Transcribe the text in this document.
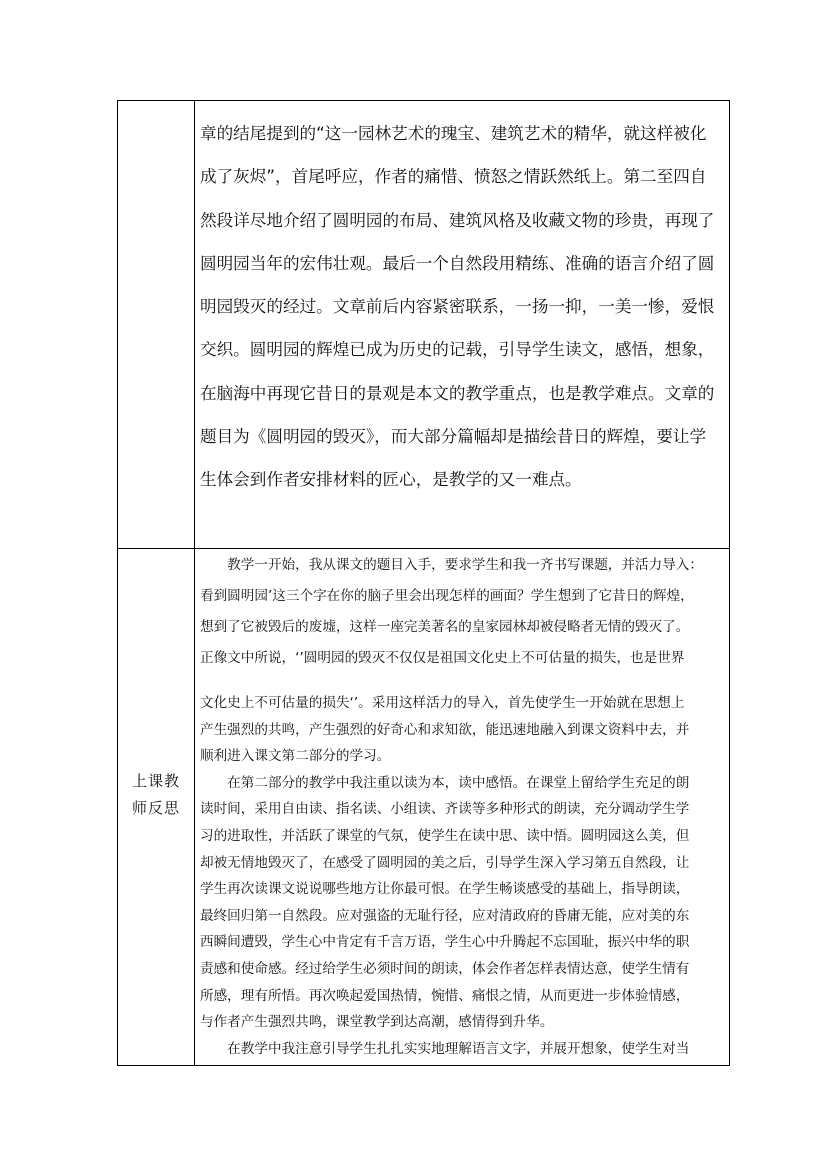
上课教
师反思

章的结尾提到的“这一园林艺术的瑰宝、建筑艺术的精华，就这样被化

成了灰烬”，首尾呼应，作者的痛惜、愤怒之情跃然纸上。第二至四自

然段详尽地介绍了圆明园的布局、建筑风格及收藏文物的珍贵，再现了

圆明园当年的宏伟壮观。最后一个自然段用精练、准确的语言介绍了圆

明园毁灭的经过。文章前后内容紧密联系，一扬一抑，一美一惨，爱恨

交织。圆明园的辉煌已成为历史的记载，引导学生读文，感悟，想象，

在脑海中再现它昔日的景观是本文的教学重点，也是教学难点。文章的

题目为《圆明园的毁灭》，而大部分篇幅却是描绘昔日的辉煌，要让学

生体会到作者安排材料的匠心，是教学的又一难点。

　　教学一开始，我从课文的题目入手，要求学生和我一齐书写课题，并活力导入：

看到圆明园’这三个字在你的脑子里会出现怎样的画面？学生想到了它昔日的辉煌，

想到了它被毁后的废墟，这样一座完美著名的皇家园林却被侵略者无情的毁灭了。

正像文中所说，‘’圆明园的毁灭不仅仅是祖国文化史上不可估量的损失，也是世界

文化史上不可估量的损失‘’。采用这样活力的导入，首先使学生一开始就在思想上

产生强烈的共鸣，产生强烈的好奇心和求知欲，能迅速地融入到课文资料中去，并

顺利进入课文第二部分的学习。

　　在第二部分的教学中我注重以读为本，读中感悟。在课堂上留给学生充足的朗

读时间，采用自由读、指名读、小组读、齐读等多种形式的朗读，充分调动学生学

习的进取性，并活跃了课堂的气氛，使学生在读中思、读中悟。圆明园这么美，但

却被无情地毁灭了，在感受了圆明园的美之后，引导学生深入学习第五自然段，让

学生再次读课文说说哪些地方让你最可恨。在学生畅谈感受的基础上，指导朗读，

最终回归第一自然段。应对强盗的无耻行径，应对清政府的昏庸无能，应对美的东

西瞬间遭毁，学生心中肯定有千言万语，学生心中升腾起不忘国耻，振兴中华的职

责感和使命感。经过给学生必须时间的朗读，体会作者怎样表情达意，使学生情有

所感，理有所悟。再次唤起爱国热情，惋惜、痛恨之情，从而更进一步体验情感，

与作者产生强烈共鸣，课堂教学到达高潮，感情得到升华。

　　在教学中我注意引导学生扎扎实实地理解语言文字，并展开想象，使学生对当
